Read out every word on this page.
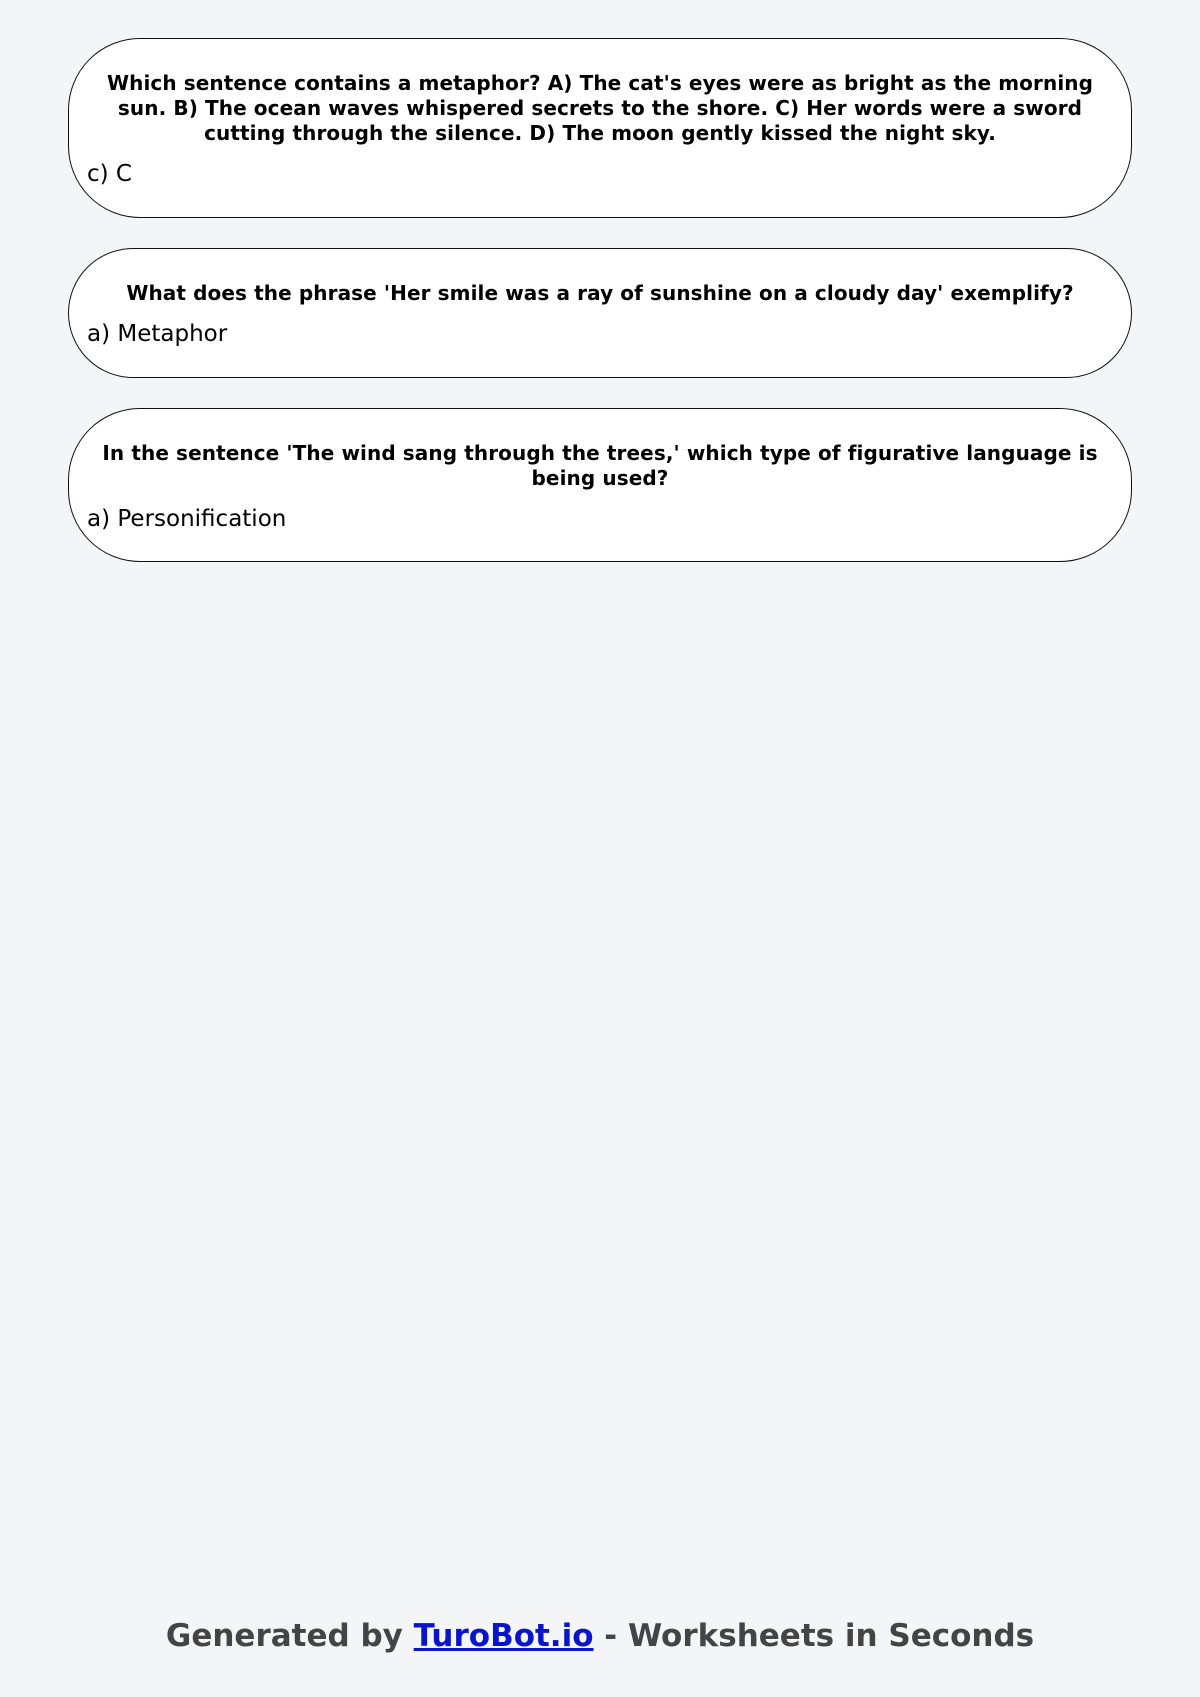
Which sentence contains a metaphor? A) The cat's eyes were as bright as the morning sun. B) The ocean waves whispered secrets to the shore. C) Her words were a sword cutting through the silence. D) The moon gently kissed the night sky.
c) C
What does the phrase 'Her smile was a ray of sunshine on a cloudy day' exemplify?
a) Metaphor
In the sentence 'The wind sang through the trees,' which type of figurative language is being used?
a) Personification
Generated by TuroBot.io - Worksheets in Seconds
